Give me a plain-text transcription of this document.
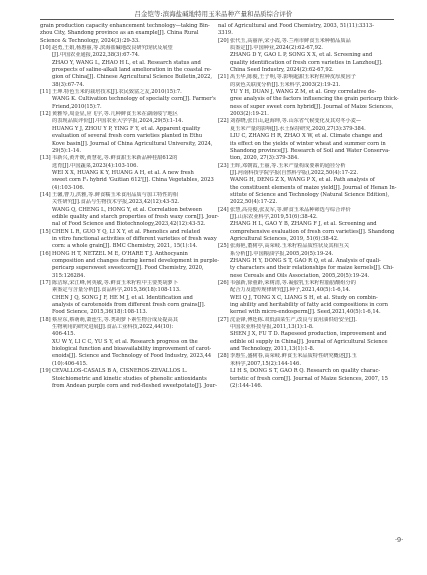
吕金铠等:滨海盐碱地特用玉米品种产量和品质综合评价
grain production capacity enhancement technology—taking Bin-
zhou City, Shandong province as an example[J]. China Rural
Science & Technology, 2024(3):29-33.
[10] 赵勇,王娟,杨惠丽,等.滨海盐碱地改良研究现状及展望
[J].中国农业通报,2022,38(3):67-74.
ZHAO Y, WANG L, ZHAO H L, et al. Research status and
prospects of saline-alkali land amelioration in the coastal re-
gion of China[J]. Chinese Agricultural Science Bulletin,2022,
38(3):67-74.
[11] 王坤.特色玉米的栽培技术[J].农民致富之友,2010(15):7.
WANG K. Cultivation technology of specialty corn[J]. Farmer's
Friend,2010(15):7.
[12] 黄雅琴,周金显,应飞宇,等.几种鲜食玉米在湖南绥宁地区
的表现品质评价[J].中国农业大学学报,2024,29(5):1-14.
HUANG Y J, ZHOU Y P, YING F Y, et al. Apparent quality
evaluation of several fresh corn varieties planted in Ethu
Kove basin[J]. Journal of China Agricultural University, 2024,
29(5):1-14.
[13] 韦新兴,黄开媛,黄慧花,等.鲜食甜玉米新品种桂甜612的
选育[J].中国蔬菜,2023(4):103-106.
WEI X X, HUANG K Y, HUANG A H, et al. A new fresh
sweet corn F₁ hybrid 'Guitian 612'[J]. China Vegetables, 2023
(4):103-106.
[14] 王馨,曹力,洪雅,等.鲜食糯玉米食用品质与加工特性的相
关性研究[J].食品与生物技术学报,2023,42(12):43-52.
WANG Q, CHENG L, HONG Y, et al. Correlation between
edible quality and starch properties of fresh waxy corn[J]. Jour-
nal of Food Science and Biotechnology,2023,42(12):43-52.
[15] CHEN L R, GUO Y Q, LI X Y, et al. Phenolics and related
in vitro functional activities of different varieties of fresh waxy
corn: a whole grain[J]. BMC Chemistry, 2021, 15(1):14.
[16] HONG H T, NETZEL M E, O'HARE T J. Anthocyanin
composition and changes during kernel development in purple-
pericarp supersweet sweetcorn[J]. Food Chemistry, 2020,
315:126284.
[17] 陈洁琼,宋江峰,何英敏,等.鲜食玉米籽粒中主要类胡萝卜
素鉴定与含量分析[J].食品科学,2015,36(18):108-113.
CHEN J Q, SONG J F, HE M J, et al. Identification and
analysis of carotenoids from different fresh corn grains[J].
Food Science, 2015,36(18):108-113.
[18] 蔡应东,蔡萌萌,萧连生,等.类胡萝卜素生物合成及提高其
生物利用的研究进展[J].食品工业科技,2022,44(10):
406-415.
XU W Y, LI C C, YU S Y, et al. Research progress on the
biological function and bioavailability improvement of carot-
enoids[J]. Science and Technology of Food Industry, 2023,44
(10):406-415.
[19] CEVALLOS-CASALS B A, CISNEROS-ZEVALLOS L.
Stoichiometric and kinetic studies of phenolic antioxidants
from Andean purple corn and red-fleshed sweetpotato[J]. Jour-
nal of Agricultural and Food Chemistry, 2003, 51(11):3313-
3319.
[20] 张代玉,高丽萍,宋小霞,等.兰州市鲜食玉米种植品质品
质鉴定[J].中国种业,2024(2):62-67,92.
ZHANG D Y, GAO L P, SONG X X, et al. Screening and
quality identification of fresh corn varieties in Lanzhou[J].
China Seed Industry, 2024(2):62-67,92.
[21] 禹玉华,陈俊,王子明,等.影响超甜玉米籽粒种皮厚度因子
的灰色关联度分析[J].玉米科学,2003(2):19-21.
YU Y H, DUAN J, WANG Z M, et al. Grey correlative de-
gree analysis of the factors influencing the grain pericarp thick-
ness of super sweet corn hybrid[J]. Journal of Maize Sciences,
2003(2):19-21.
[22] 刘春晓,张日山,赵海坤,等.山东省气候变化及其对冬小麦—
夏玉米产量的影响[J].水土保持研究,2020,27(3):379-384.
LIU C, ZHANG H R, ZHAO X W, et al. Climate change and
its effect on the yields of winter wheat and summer corn in
Shandong province[J]. Research of Soil and Water Conserva-
tion, 2020, 27(3):379-384.
[23] 王晖,邓朝霞,王丽,等.玉米产量构成要素的通径分析
[J].河南科技学院学报(自然科学版),2022,50(4):17-22.
WANG H, DENG Z X, WANG P X, et al. Path analysis of
the constituent elements of maize yield[J]. Journal of Henan In-
stitute of Science and Technology (Natural Science Edition),
2022,50(4):17-22.
[24] 张慧,高亮俊,张友军,等.鲜食玉米品种筛选与综合评价
[J].山东农业科学,2019,51(6):38-42.
ZHANG H L, GAO Y B, ZHANG F J, et al. Screening and
comprehensive evaluation of fresh corn varieties[J]. Shandong
Agricultural Sciences, 2019, 51(6):38-42.
[25] 张海艳,董树亭,高荣岐.玉米籽粒品质性状及其相互关
系分析[J].中国粮油学报,2005,20(5):19-24.
ZHANG H Y, DONG S T, GAO R Q, et al. Analysis of quali-
ty characters and their relationships for maize kernels[J]. Chi-
nese Cereals and Oils Association, 2005,20(5):19-24.
[26] 韦强新,徐童龄,荣树清,等.凝胶乳玉米籽粒脂肪酸组分的
配合力及遗传规律研究[J].种子,2021,40(5):1-6,14.
WEI Q J, TONG X C, LIANG S H, et al. Study on combin-
ing ability and heritability of fatty acid compositions in corn
kernel with micro-endosperm[J]. Seed,2021,40(5):1-6,14.
[27] 沈金锋,傅廷栋.双低油菜生产,改良与食用油供给安全[J].
中国农业科技导报,2011,13(1):1-8.
SHEN J X, FU T D. Rapeseed production, improvement and
edible oil supply in China[J]. Journal of Agricultural Science
and Technology, 2011,13(1):1-8.
[28] 李惠生,盛树春,高荣岐.鲜食玉米品质特性研究概述[J].玉
米科学,2007,15(2):144-146.
LI H S, DONG S T, GAO R Q. Research on quality charac-
teristic of fresh corn[J]. Journal of Maize Sciences, 2007, 15
(2):144-146.
·9·
